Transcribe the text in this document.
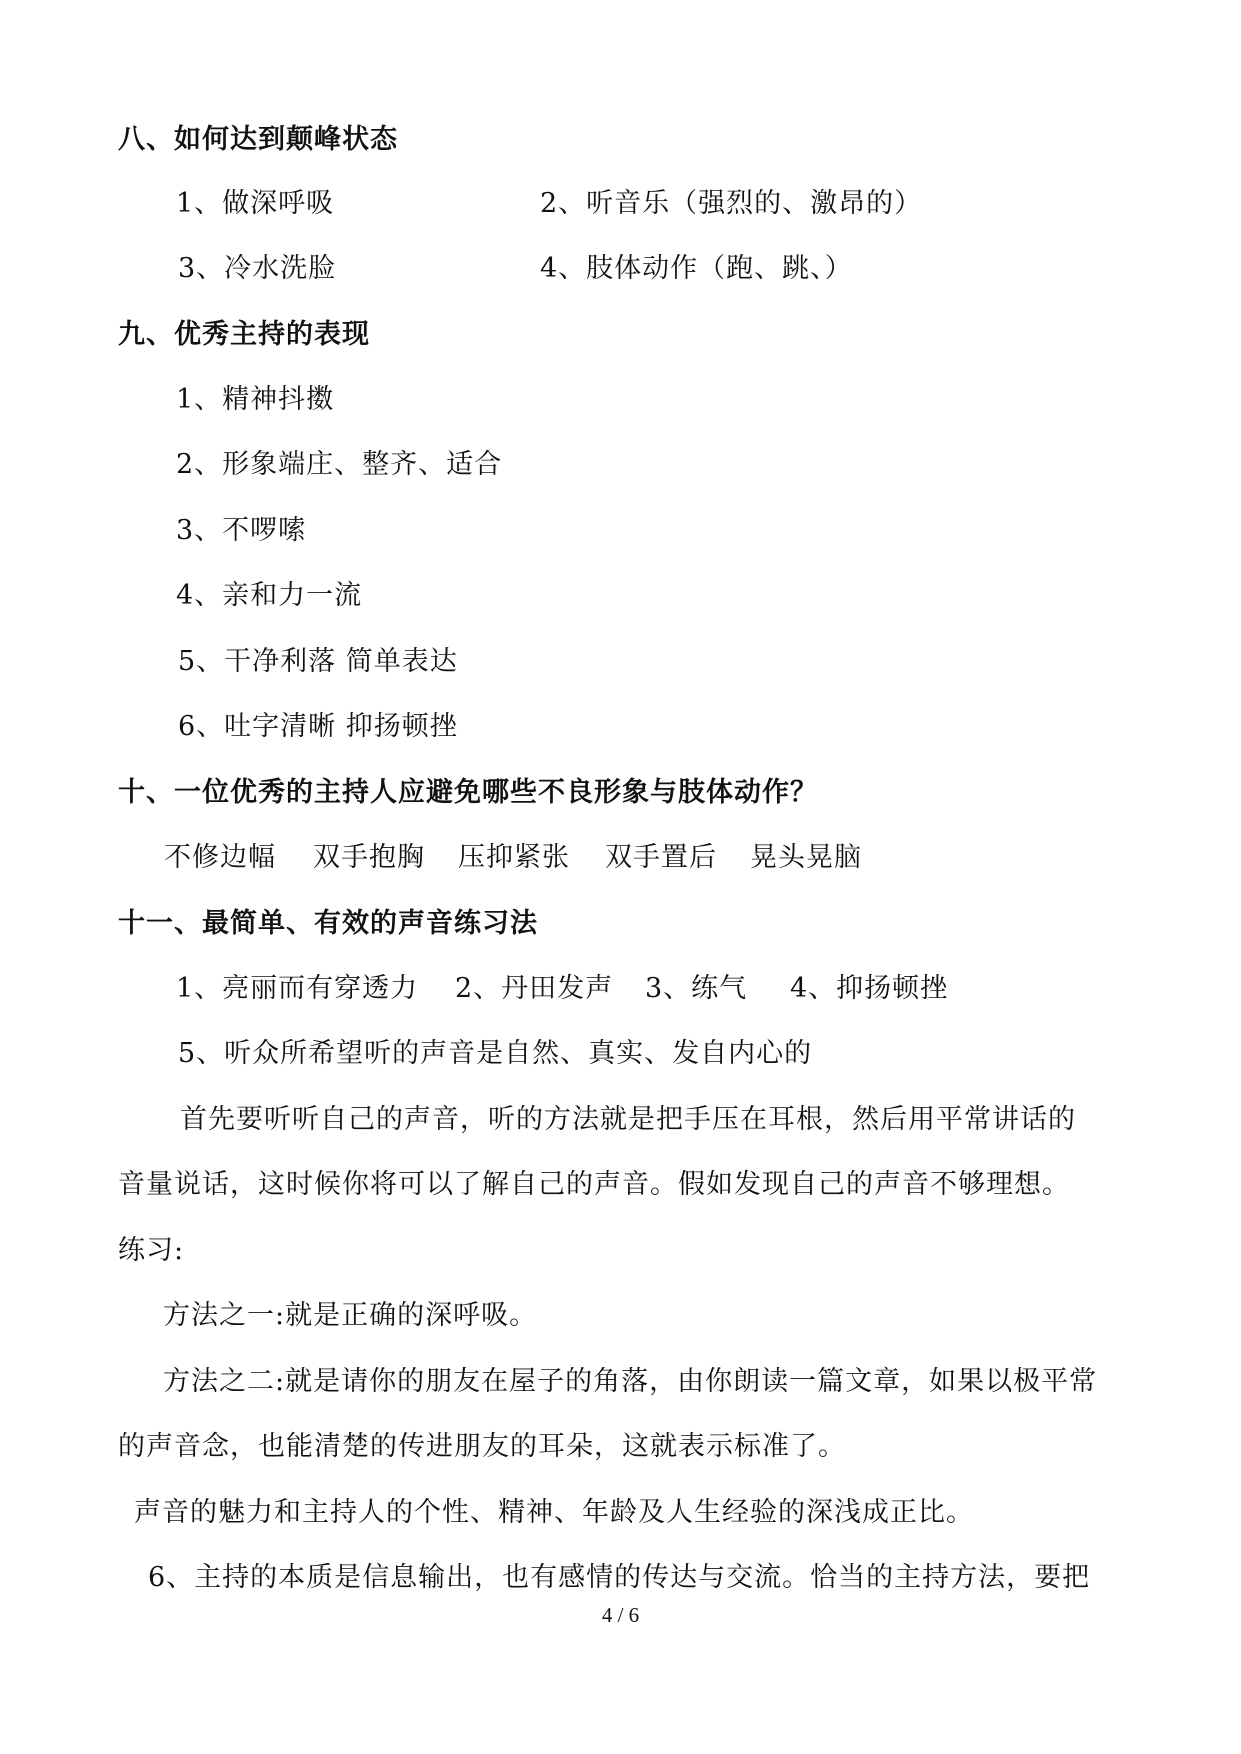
八、如何达到颠峰状态
1、做深呼吸	2、听音乐（强烈的、激昂的）
3、冷水洗脸	4、肢体动作（跑、跳、）
九、优秀主持的表现
1、精神抖擞
2、形象端庄、整齐、适合
3、不啰嗦
4、亲和力一流
5、干净利落 简单表达
6、吐字清晰 抑扬顿挫
十、一位优秀的主持人应避免哪些不良形象与肢体动作？
不修边幅 双手抱胸 压抑紧张 双手置后 晃头晃脑
十一、最简单、有效的声音练习法
1、亮丽而有穿透力 2、丹田发声 3、练气 4、抑扬顿挫
5、听众所希望听的声音是自然、真实、发自内心的
首先要听听自己的声音，听的方法就是把手压在耳根，然后用平常讲话的
音量说话，这时候你将可以了解自己的声音。假如发现自己的声音不够理想。
练习:
方法之一:就是正确的深呼吸。
方法之二:就是请你的朋友在屋子的角落，由你朗读一篇文章，如果以极平常
的声音念，也能清楚的传进朋友的耳朵，这就表示标准了。
声音的魅力和主持人的个性、精神、年龄及人生经验的深浅成正比。
6、主持的本质是信息输出，也有感情的传达与交流。恰当的主持方法，要把
4 / 6
